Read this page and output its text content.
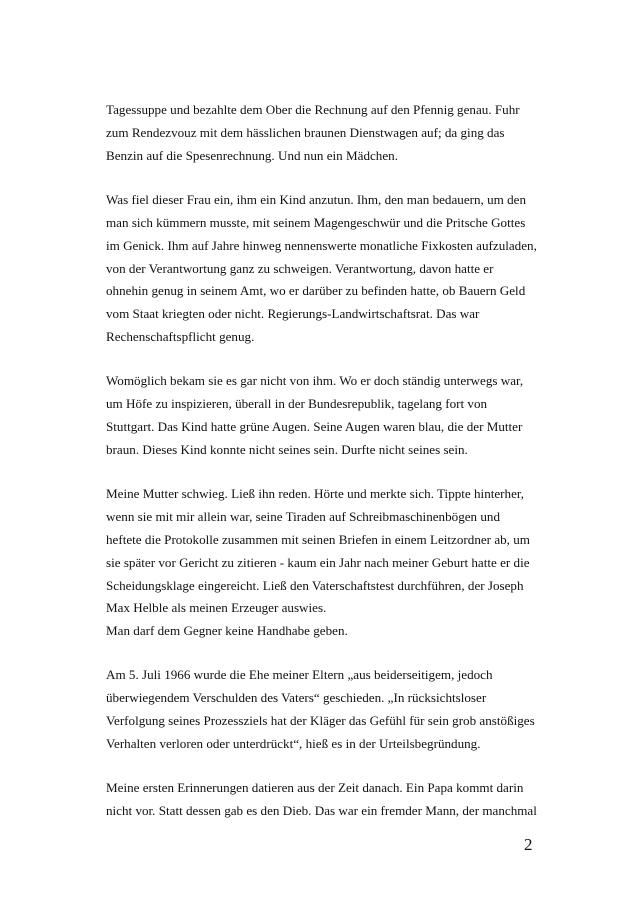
Tagessuppe und bezahlte dem Ober die Rechnung auf den Pfennig genau. Fuhr
zum Rendezvouz mit dem hässlichen braunen Dienstwagen auf; da ging das
Benzin auf die Spesenrechnung. Und nun ein Mädchen.
Was fiel dieser Frau ein, ihm ein Kind anzutun. Ihm, den man bedauern, um den
man sich kümmern musste, mit seinem Magengeschwür und die Pritsche Gottes
im Genick. Ihm auf Jahre hinweg nennenswerte monatliche Fixkosten aufzuladen,
von der Verantwortung ganz zu schweigen. Verantwortung, davon hatte er
ohnehin genug in seinem Amt, wo er darüber zu befinden hatte, ob Bauern Geld
vom Staat kriegten oder nicht. Regierungs-Landwirtschaftsrat. Das war
Rechenschaftspflicht genug.
Womöglich bekam sie es gar nicht von ihm. Wo er doch ständig unterwegs war,
um Höfe zu inspizieren, überall in der Bundesrepublik, tagelang fort von
Stuttgart. Das Kind hatte grüne Augen. Seine Augen waren blau, die der Mutter
braun. Dieses Kind konnte nicht seines sein. Durfte nicht seines sein.
Meine Mutter schwieg. Ließ ihn reden. Hörte und merkte sich. Tippte hinterher,
wenn sie mit mir allein war, seine Tiraden auf Schreibmaschinenbögen und
heftete die Protokolle zusammen mit seinen Briefen in einem Leitzordner ab, um
sie später vor Gericht zu zitieren - kaum ein Jahr nach meiner Geburt hatte er die
Scheidungsklage eingereicht. Ließ den Vaterschaftstest durchführen, der Joseph
Max Helble als meinen Erzeuger auswies.
Man darf dem Gegner keine Handhabe geben.
Am 5. Juli 1966 wurde die Ehe meiner Eltern „aus beiderseitigem, jedoch
überwiegendem Verschulden des Vaters“ geschieden. „In rücksichtsloser
Verfolgung seines Prozessziels hat der Kläger das Gefühl für sein grob anstößiges
Verhalten verloren oder unterdrückt“, hieß es in der Urteilsbegründung.
Meine ersten Erinnerungen datieren aus der Zeit danach. Ein Papa kommt darin
nicht vor. Statt dessen gab es den Dieb. Das war ein fremder Mann, der manchmal
2
